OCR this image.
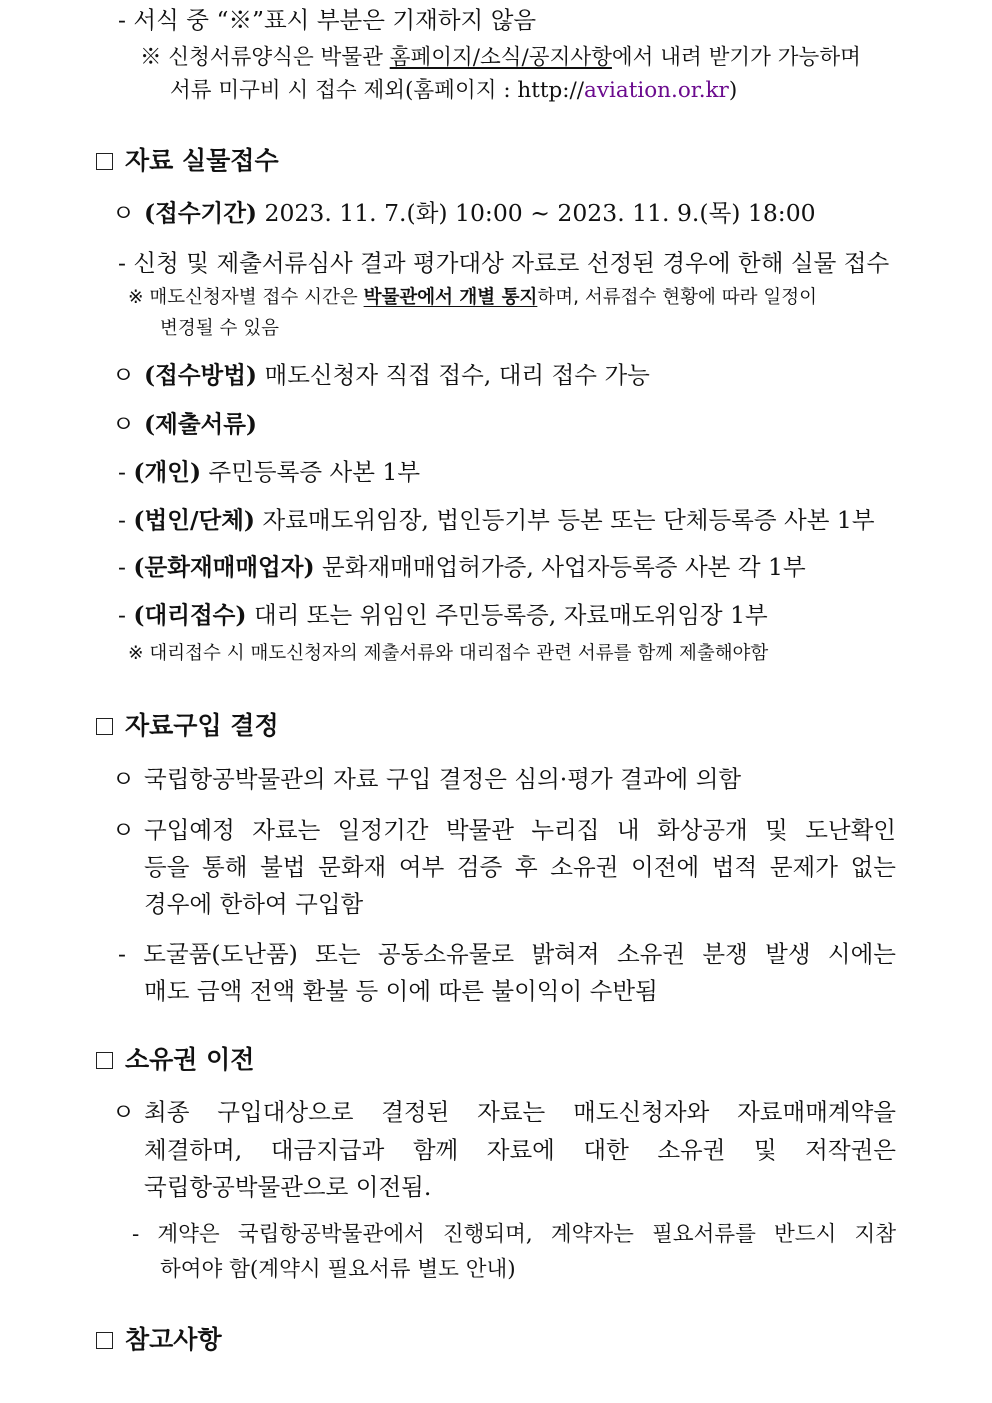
- 서식 중 “※”표시 부분은 기재하지 않음
※ 신청서류양식은 박물관 홈페이지/소식/공지사항에서 내려 받기가 가능하며
서류 미구비 시 접수 제외(홈페이지 : http://aviation.or.kr)
자료 실물접수
ㅇ (접수기간) 2023. 11. 7.(화) 10:00 ~ 2023. 11. 9.(목) 18:00
- 신청 및 제출서류심사 결과 평가대상 자료로 선정된 경우에 한해 실물 접수
※ 매도신청자별 접수 시간은 박물관에서 개별 통지하며, 서류접수 현황에 따라 일정이
변경될 수 있음
ㅇ (접수방법) 매도신청자 직접 접수, 대리 접수 가능
ㅇ (제출서류)
- (개인) 주민등록증 사본 1부
- (법인/단체) 자료매도위임장, 법인등기부 등본 또는 단체등록증 사본 1부
- (문화재매매업자) 문화재매매업허가증, 사업자등록증 사본 각 1부
- (대리접수) 대리 또는 위임인 주민등록증, 자료매도위임장 1부
※ 대리접수 시 매도신청자의 제출서류와 대리접수 관련 서류를 함께 제출해야함
자료구입 결정
ㅇ 국립항공박물관의 자료 구입 결정은 심의·평가 결과에 의함
ㅇ 구입예정 자료는 일정기간 박물관 누리집 내 화상공개 및 도난확인
등을 통해 불법 문화재 여부 검증 후 소유권 이전에 법적 문제가 없는
경우에 한하여 구입함
- 도굴품(도난품) 또는 공동소유물로 밝혀져 소유권 분쟁 발생 시에는
매도 금액 전액 환불 등 이에 따른 불이익이 수반됨
소유권 이전
ㅇ 최종 구입대상으로 결정된 자료는 매도신청자와 자료매매계약을
체결하며, 대금지급과 함께 자료에 대한 소유권 및 저작권은
국립항공박물관으로 이전됨.
- 계약은 국립항공박물관에서 진행되며, 계약자는 필요서류를 반드시 지참
하여야 함(계약시 필요서류 별도 안내)
참고사항
